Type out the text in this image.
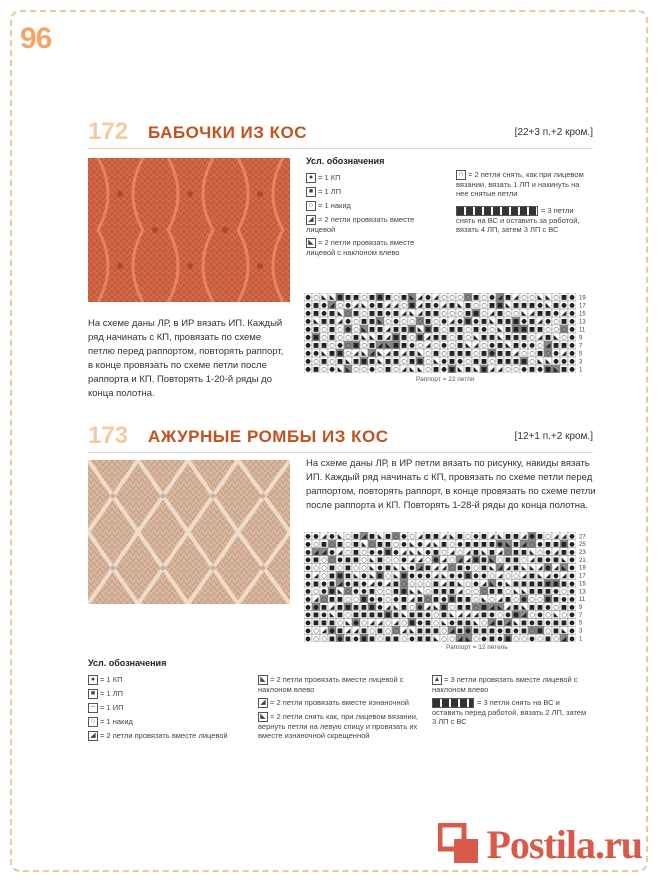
96
172 БАБОЧКИ ИЗ КОС	[22+3 п.+2 кром.]
Усл. обозначения
● = 1 КП
■ = 1 ЛП
○ = 1 накид
◢ = 2 петли провязать вместе лицевой
◣ = 2 петли провязать вместе лицевой с наклоном влево
∩ = 2 петли снять, как при лицевом вязании, вязать 1 ЛП и накинуть на нее снятые петли
= 3 петли снять на ВС и оставить за работой, вязать 4 ЛП, затем 3 ЛП с ВС
● ○ ◣ ◣ ■ ■ ■ ○ ■ ■ ■ ○ ■ ◣ ◢ ● ◢ ○ ○ ○ ○ ■ ○ ● ◢ ■ ◢ ○ ○ ◣ ◣ ○ ■ ●
● ■ ● ◢ ○ ● ◢ ◣ ● ■ ◢ ◢ ○ ■ ◢ ■ ● ◢ ■ ◣ ■ ○ ○ ■ ■ ◣ ■ ■ ■ ● ◣ ■ ● ●
● ■ ● ■ ◣ ○ ■ ○ ■ ■ ● ■ ◢ ◣ ◢ ■ ■ ○ ○ ○ ■ ■ ○ ◢ ■ ○ ○ ◣ ◢ ■ ■ ● ◢ ●
● ◣ ■ ■ ◢ ● ○ ■ ■ ◣ ○ ● ○ ○ ○ ■ ○ ● ◢ ● ■ ● ■ ◣ ■ ■ ■ ● ■ ◢ ● ○ ■ ●
● ■ ○ ■ ○ ● ○ ◣ ■ ■ ◢ ■ ■ ■ ◣ ■ ■ ○ ■ ■ ○ ■ ● ○ ◣ ■ ■ ■ ■ ■ ○ ○ ○ ●
● ■ ○ ■ ○ ○ ■ ◣ ◣ ■ ◢ ■ ■ ○ ■ ◢ ■ ■ ○ ■ ○ ◣ ■ ■ ◣ ■ ■ ■ ○ ◢ ■ ◣ ○ ●
● ■ ■ ○ ● ○ ■ ○ ■ ◢ ◣ ■ ■ ● ○ ◢ ○ ● ○ ■ ◣ ◢ ○ ● ■ ◣ ■ ● ● ○ ◢ ■ ■ ●
● ● ◣ ■ ■ ○ ◢ ◣ ◢ ◣ ◢ ■ ◢ ■ ◣ ○ ■ ○ ■ ■ ■ ○ ■ ● ■ ■ ◢ ○ ○ ■ ○ ● ◢ ●
● ○ ■ ○ ■ ◣ ■ ■ ■ ◣ ■ ■ ○ ■ ■ ○ ◣ ● ■ ● ○ ■ ■ ○ ■ ■ ■ ■ ○ ◣ ◣ ● ● ●
● ■ ○ ● ◣ ◣ ○ ○ ● ○ ■ ○ ◢ ◣ ◣ ○ ■ ● ■ ◣ ■ ◣ ■ ◢ ◢ ○ ○ ● ■ ● ■ ◣ ■ ●
19
17
15
13
11
9
7
5
3
1
Раппорт = 22 петли
На схеме даны ЛР, в ИР вязать ИП. Каждый ряд начинать с КП, провязать по схеме петлю перед раппортом, повторять раппорт, в конце провязать по схеме петли после раппорта и КП. Повторять 1-20-й ряды до конца полотна.
173 АЖУРНЫЕ РОМБЫ ИЗ КОС	[12+1 п.+2 кром.]
На схеме даны ЛР, в ИР петли вязать по рисунку, накиды вязать ИП. Каждый ряд начинать с КП, провязать по схеме петли перед раппортом, повторять раппорт, в конце провязать по схеме петли после раппорта и КП. Повторять 1-28-й ряды до конца полотна.
● ● ◢ ● ◣ ○ ■ ◢ ■ ◣ ■ ○ ● ○ ◢ ■ ■ ◢ ◣ ■ ○ ● ■ ◢ ◣ ■ ■ ◢ ● ■ ○ ◢ ◢ ●
● ○ ■ ○ ■ ○ ■ ◣ ○ ■ ■ ○ ● ◣ ● ◢ ◣ ■ ○ ● ■ ■ ■ ■ ● ◣ ■ ◢ ○ ● ■ ■ ■ ●
● ◢ ◢ ● ◢ ○ ■ ○ ● ● ■ ● ◢ ◣ ◣ ● ■ ○ ◢ ○ ◢ ■ ◣ ■ ◢ ○ ■ ■ ◣ ○ ● ◢ ■ ●
● ■ ○ ○ ● ■ ■ ○ ◣ ■ ○ ○ ● ◢ ◢ ○ ● ◢ ○ ◢ ◢ ■ ■ ◣ ○ ■ ■ ○ ◢ ■ ● ■ ◣ ●
● ○ ○ ■ ○ ■ ○ ○ ◣ ● ■ ◣ ◣ ● ◢ ■ ◢ ◢ ○ ■ ● ○ ■ ◣ ◢ ◢ ■ ◣ ◣ ◢ ● ◢ ◣ ●
● ◢ ○ ■ ■ ■ ◣ ● ◣ ■ ○ ◣ ■ ● ● ● ◢ ◣ ● ● ■ ● ● ○ ◢ ○ ○ ◢ ■ ◣ ◢ ● ◢ ●
● ■ ● ■ ◢ ● ■ ● ◢ ● ◢ ■ ○ ○ ○ ○ ■ ◢ ■ ◣ ○ ● ◢ ◣ ● ◣ ■ ■ ■ ■ ■ ■ ■ ●
● ○ ● ■ ◣ ○ ● ● ■ ○ ○ ■ ■ ◣ ◣ ○ ■ ■ ■ ◢ ○ ○ ○ ■ ■ ○ ◣ ◣ ■ ■ ■ ● ○ ●
● ◢ ○ ■ ■ ○ ○ ■ ● ● ○ ● ■ ◢ ■ ○ ■ ● ■ ■ ■ ○ ◣ ○ ◢ ■ ○ ● ○ ○ ■ ■ ● ●
● ● ■ ◢ ■ ■ ■ ■ ■ ● ◢ ◣ ■ ○ ● ◢ ◣ ■ ○ ■ ■ ○ ■ ◢ ◣ ◢ ■ ◣ ■ ■ ● ○ ■ ●
● ■ ● ◣ ■ ○ ■ ■ ■ ■ ■ ■ ◣ ■ ■ ● ○ ■ ◣ ◢ ◢ ◢ ■ ● ○ ● ■ ◢ ○ ● ○ ◣ ○ ●
● ■ ■ ■ ○ ◣ ● ○ ◢ ◢ ○ ◢ ○ ■ ● ■ ○ ◣ ● ■ ■ ◣ ○ ◢ ■ ◢ ◣ ■ ● ■ ● ■ ■ ●
● ○ ◢ ● ■ ◢ ◢ ■ ○ ■ ○ ○ ◢ ◣ ■ ■ ■ ○ ◢ ■ ● ■ ■ ■ ● ■ ● ■ ○ ■ ○ ■ ◣ ●
● ○ ○ ■ ● ■ ● ■ ■ ○ ■ ■ ○ ● ■ ■ ◣ ○ ○ ◢ ◣ ○ ● ■ ● ■ ○ ○ ● ○ ■ ○ ◢ ●
27
25
23
21
19
17
15
13
11
9
7
5
3
1
Раппорт = 12 петель
Усл. обозначения
● = 1 КП
■ = 1 ЛП
− = 1 ИП
○ = 1 накид
◢ = 2 петли провязать вместе лицевой
◣ = 2 петли провязать вместе лицевой с наклоном влево
◢ = 2 петли провязать вместе изнаночной
◣ = 2 петли снять как, при лицевом вязании, вернуть петли на левую спицу и провязать их вместе изнаночной скрещенной
▲ = 3 петли провязать вместе лицевой с наклоном влево
= 3 петли снять на ВС и оставить перед работой, вязать 2 ЛП, затем 3 ЛП с ВС
Postila.ru
